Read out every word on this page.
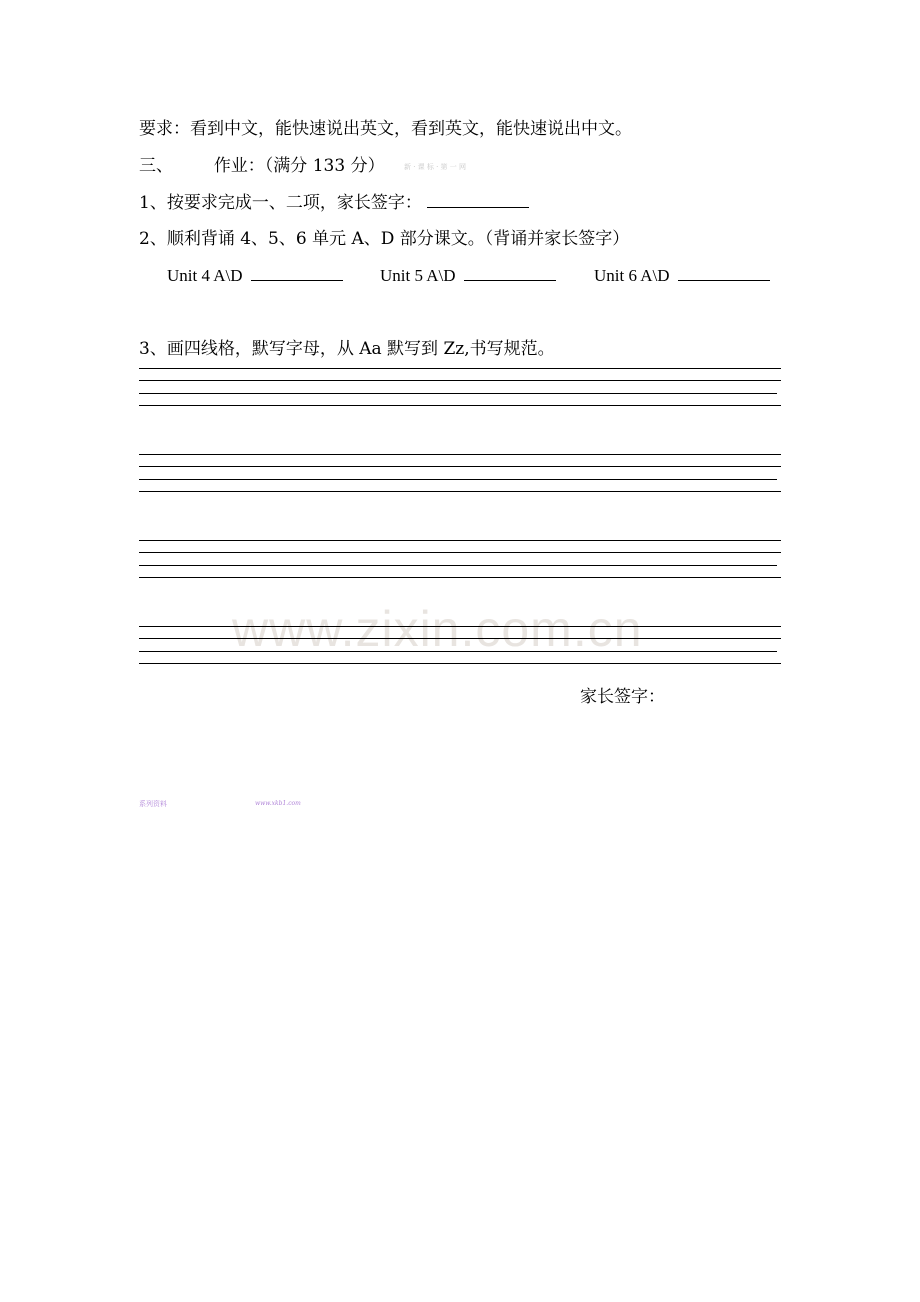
要求：看到中文，能快速说出英文，看到英文，能快速说出中文。
三、 作业：（满分 133 分）	新 · 课 标 · 第 一 网
1、按要求完成一、二项，家长签字：
2、顺利背诵 4、5、6 单元 A、D 部分课文。（背诵并家长签字）
Unit 4 A\D	Unit 5 A\D	Unit 6 A\D
3、画四线格，默写字母，从 Aa 默写到 Zz,书写规范。
www.zixin.com.cn
家长签字：
系列资料	www.xkb1.com
